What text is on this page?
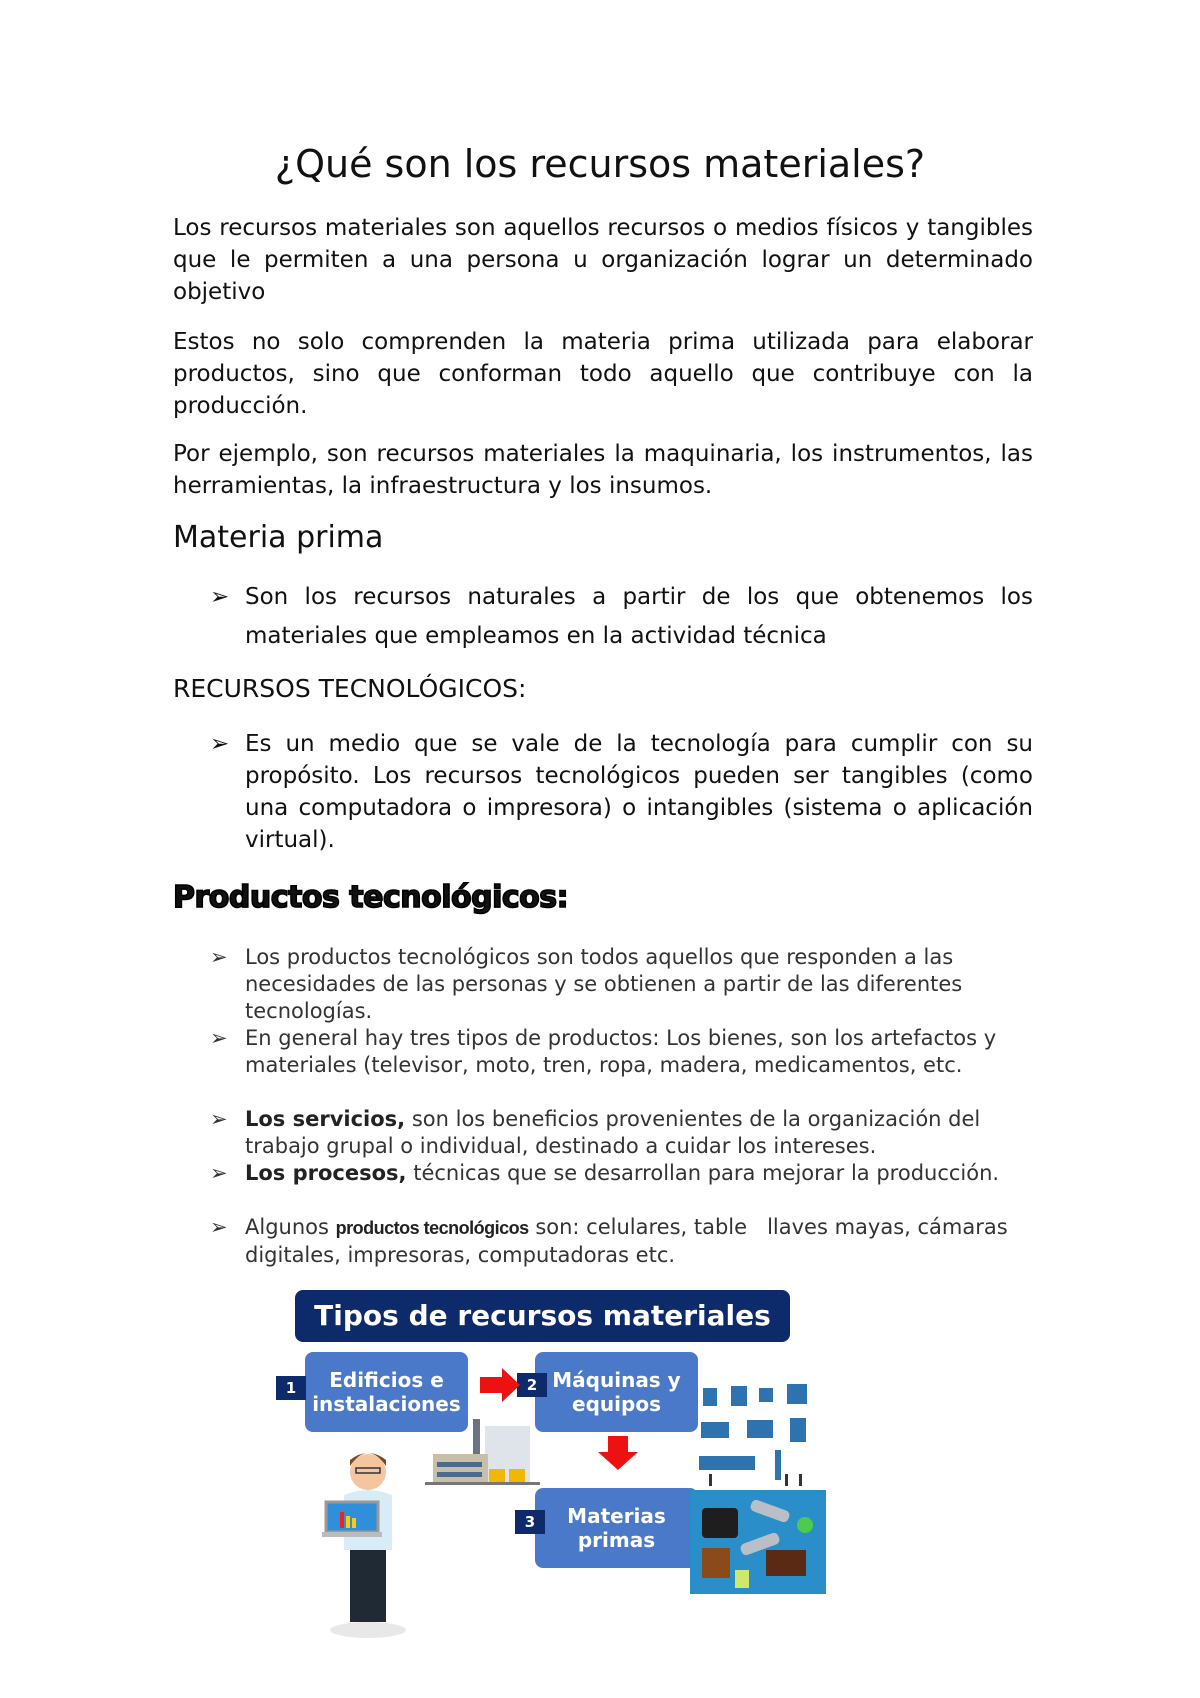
¿Qué son los recursos materiales?
Los recursos materiales son aquellos recursos o medios físicos y tangibles que le permiten a una persona u organización lograr un determinado objetivo
Estos no solo comprenden la materia prima utilizada para elaborar productos, sino que conforman todo aquello que contribuye con la producción.
Por ejemplo, son recursos materiales la maquinaria, los instrumentos, las herramientas, la infraestructura y los insumos.
Materia prima
➢ Son los recursos naturales a partir de los que obtenemos los materiales que empleamos en la actividad técnica
RECURSOS TECNOLÓGICOS:
➢ Es un medio que se vale de la tecnología para cumplir con su propósito. Los recursos tecnológicos pueden ser tangibles (como una computadora o impresora) o intangibles (sistema o aplicación virtual).
Productos tecnológicos:
➢ Los productos tecnológicos son todos aquellos que responden a las necesidades de las personas y se obtienen a partir de las diferentes tecnologías.
➢ En general hay tres tipos de productos: Los bienes, son los artefactos y materiales (televisor, moto, tren, ropa, madera, medicamentos, etc.
➢ Los servicios, son los beneficios provenientes de la organización del trabajo grupal o individual, destinado a cuidar los intereses.
➢ Los procesos, técnicas que se desarrollan para mejorar la producción.
➢ Algunos productos tecnológicos son: celulares, table   llaves mayas, cámaras digitales, impresoras, computadoras etc.
Tipos de recursos materiales
Edificios e instalaciones
1	Máquinas y equipos
2
Materias primas
3
